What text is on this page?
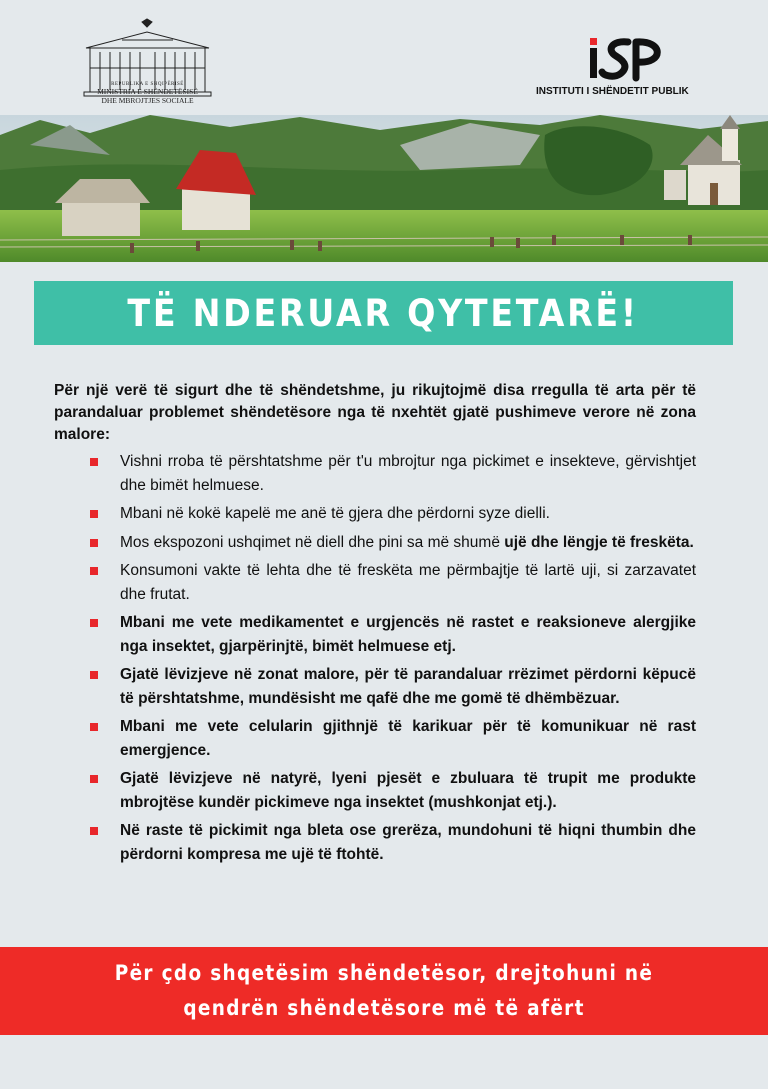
REPUBLIKA E SHQIPËRISË
MINISTRIA E SHËNDETËSISË
DHE MBROJTJES SOCIALE
iSP
INSTITUTI I SHËNDETIT PUBLIK
TË NDERUAR QYTETARË!

Për një verë të sigurt dhe të shëndetshme, ju rikujtojmë disa rregulla të arta për të parandaluar problemet shëndetësore nga të nxehtët gjatë pushimeve verore në zona malore:

Vishni rroba të përshtatshme për t'u mbrojtur nga pickimet e insekteve, gërvishtjet dhe bimët helmuese.
Mbani në kokë kapelë me anë të gjera dhe përdorni syze dielli.
Mos ekspozoni ushqimet në diell dhe pini sa më shumë ujë dhe lëngje të freskëta.
Konsumoni vakte të lehta dhe të freskëta me përmbajtje të lartë uji, si zarzavatet dhe frutat.
Mbani me vete medikamentet e urgjencës në rastet e reaksioneve alergjike nga insektet, gjarpërinjtë, bimët helmuese etj.
Gjatë lëvizjeve në zonat malore, për të parandaluar rrëzimet përdorni këpucë të përshtatshme, mundësisht me qafë dhe me gomë të dhëmbëzuar.
Mbani me vete celularin gjithnjë të karikuar për të komunikuar në rast emergjence.
Gjatë lëvizjeve në natyrë, lyeni pjesët e zbuluara të trupit me produkte mbrojtëse kundër pickimeve nga insektet (mushkonjat etj.).
Në raste të pickimit nga bleta ose grerëza, mundohuni të hiqni thumbin dhe përdorni kompresa me ujë të ftohtë.
Për çdo shqetësim shëndetësor, drejtohuni në
qendrën shëndetësore më të afërt
